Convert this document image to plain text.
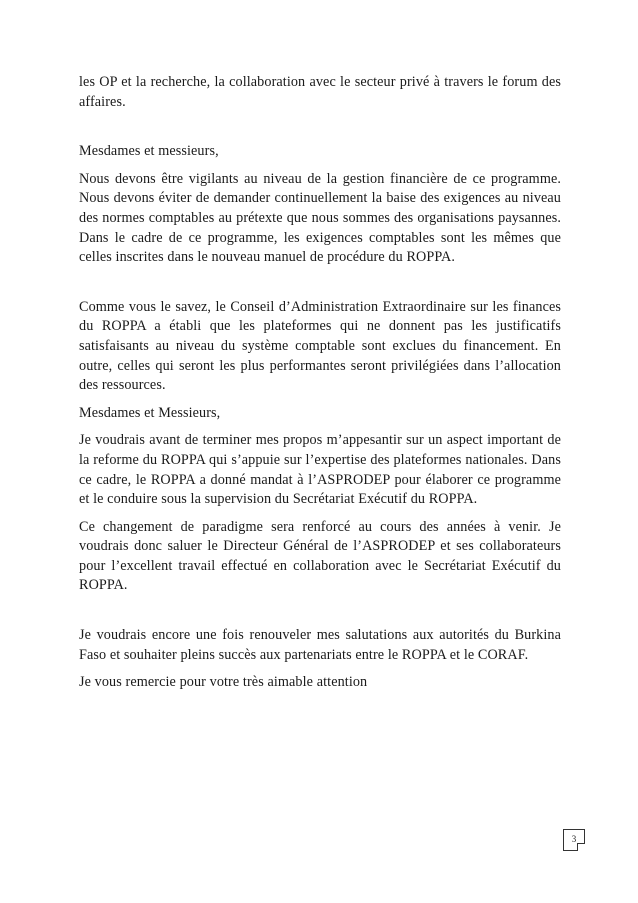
les OP et la recherche, la collaboration avec le secteur privé à travers le forum des affaires.

Mesdames et messieurs,

Nous devons être vigilants au niveau de la gestion financière de ce programme. Nous devons éviter de demander continuellement la baise des exigences au niveau des normes comptables au prétexte que nous sommes des organisations paysannes. Dans le cadre de ce programme, les exigences comptables sont les mêmes que celles inscrites dans le nouveau manuel de procédure du ROPPA.

Comme vous le savez, le Conseil d’Administration Extraordinaire sur les finances du ROPPA a établi que les plateformes qui ne donnent pas les justificatifs satisfaisants au niveau du système comptable sont exclues du financement. En outre, celles qui seront les plus performantes seront privilégiées dans l’allocation des ressources.

Mesdames et Messieurs,

Je voudrais avant de terminer mes propos m’appesantir sur un aspect important de la reforme du ROPPA qui s’appuie sur l’expertise des plateformes nationales. Dans ce cadre, le ROPPA a donné mandat à l’ASPRODEP pour élaborer ce programme et le conduire sous la supervision du Secrétariat Exécutif du ROPPA.

Ce changement de paradigme sera renforcé au cours des années à venir. Je voudrais donc saluer le Directeur Général de l’ASPRODEP et ses collaborateurs pour l’excellent travail effectué en collaboration avec le Secrétariat Exécutif du ROPPA.

Je voudrais encore une fois renouveler mes salutations aux autorités du Burkina Faso et souhaiter pleins succès aux partenariats entre le ROPPA et le CORAF.

Je vous remercie pour votre très aimable attention

3
